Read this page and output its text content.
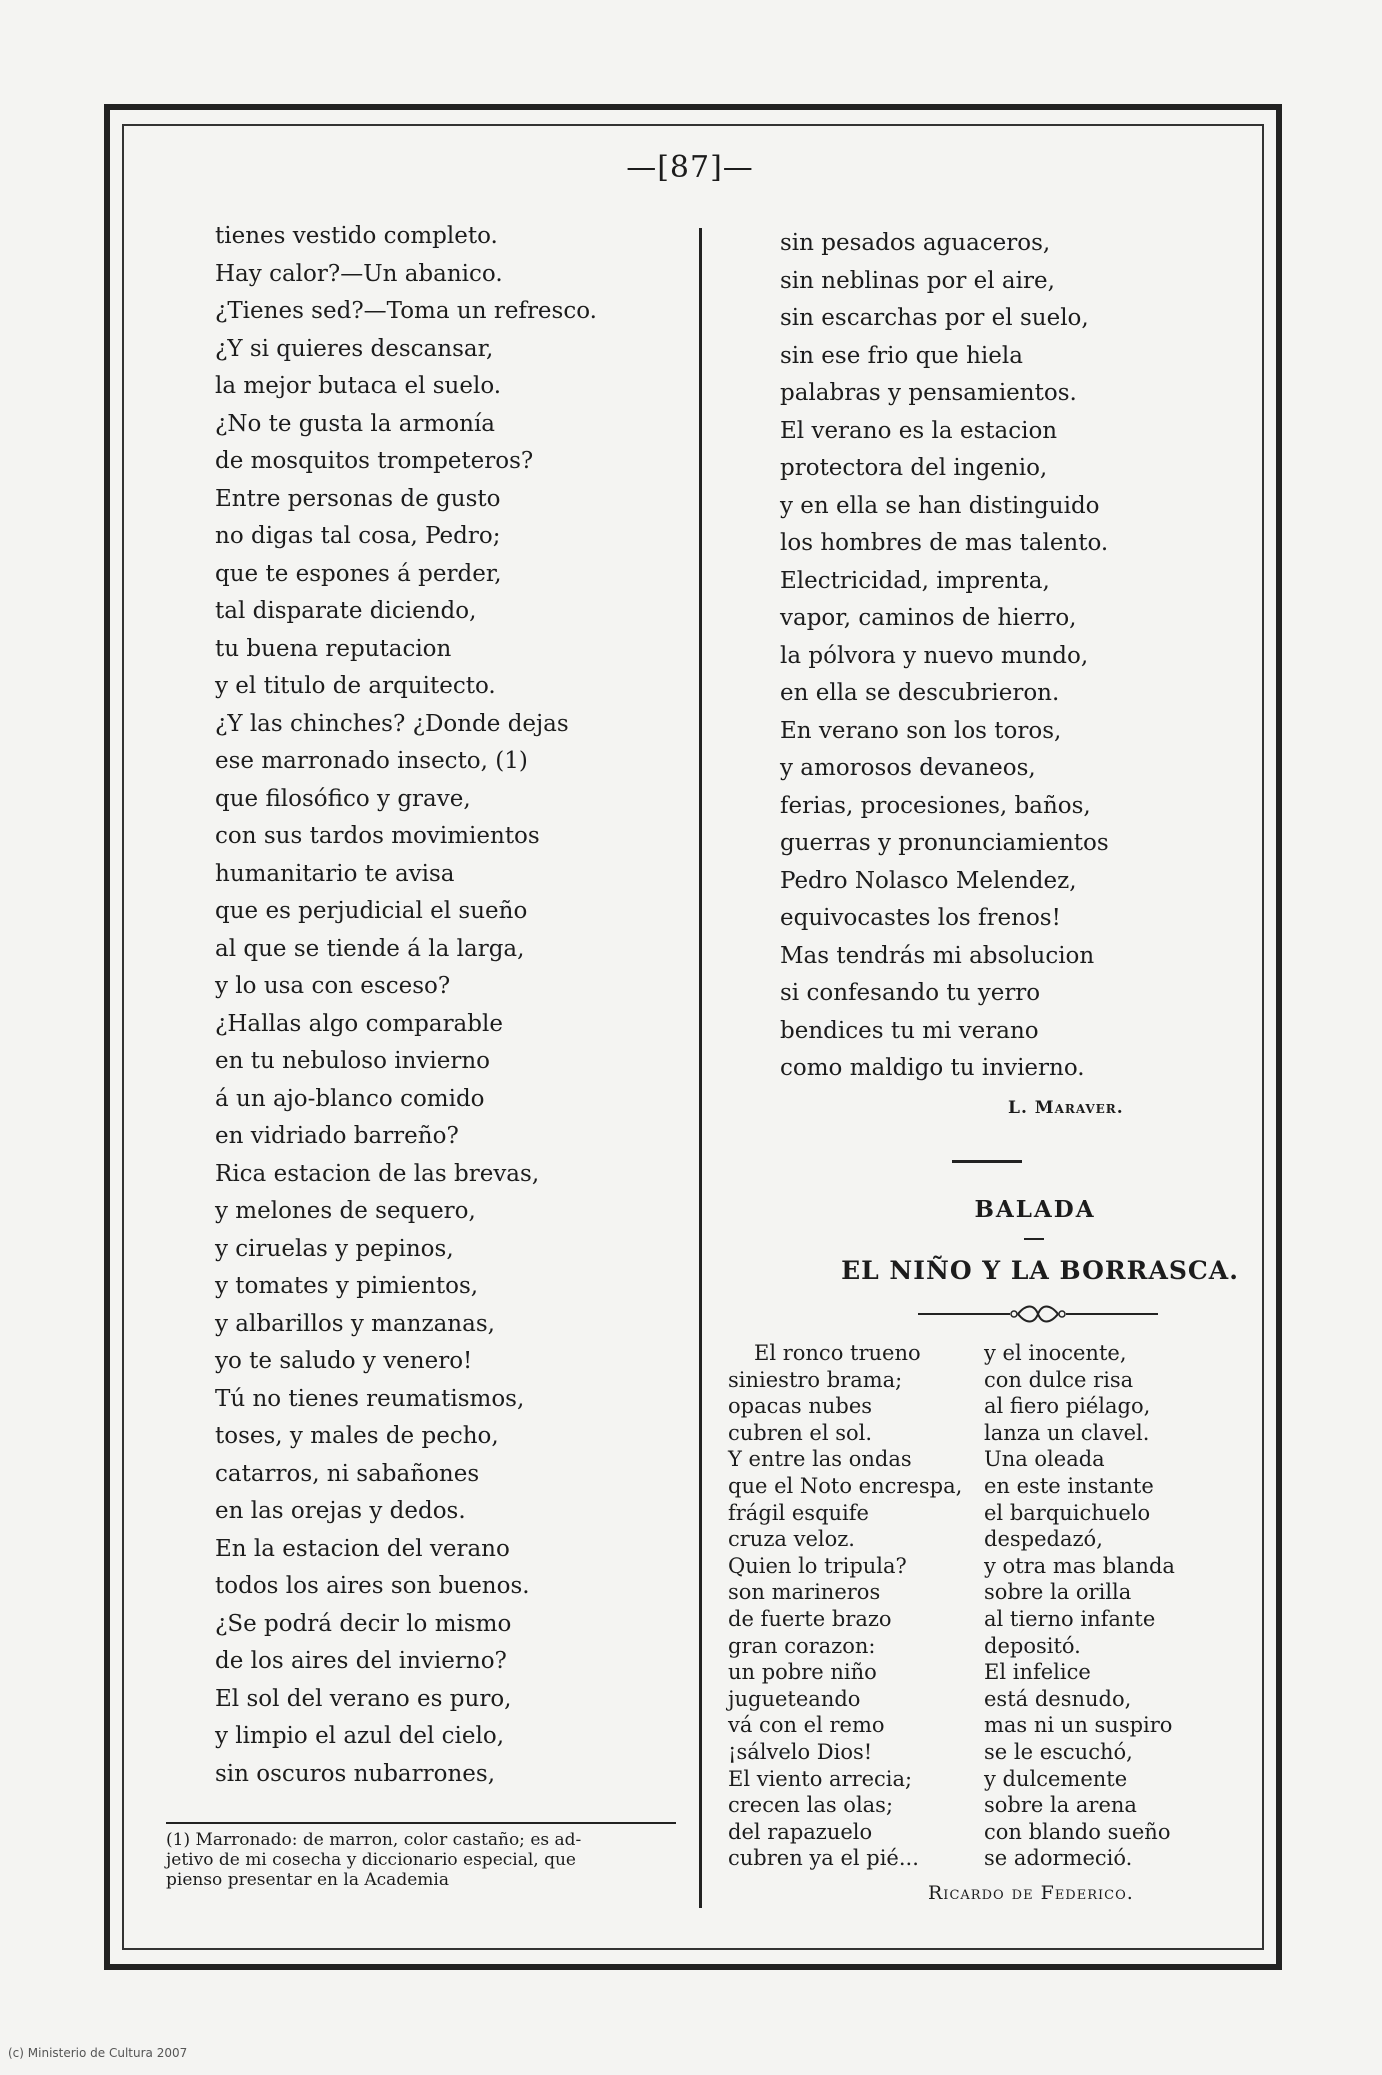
—[87]—
tienes vestido completo.
Hay calor?—Un abanico.
¿Tienes sed?—Toma un refresco.
¿Y si quieres descansar,
la mejor butaca el suelo.
¿No te gusta la armonía
de mosquitos trompeteros?
Entre personas de gusto
no digas tal cosa, Pedro;
que te espones á perder,
tal disparate diciendo,
tu buena reputacion
y el titulo de arquitecto.
¿Y las chinches? ¿Donde dejas
ese marronado insecto, (1)
que filosófico y grave,
con sus tardos movimientos
humanitario te avisa
que es perjudicial el sueño
al que se tiende á la larga,
y lo usa con esceso?
¿Hallas algo comparable
en tu nebuloso invierno
á un ajo-blanco comido
en vidriado barreño?
Rica estacion de las brevas,
y melones de sequero,
y ciruelas y pepinos,
y tomates y pimientos,
y albarillos y manzanas,
yo te saludo y venero!
Tú no tienes reumatismos,
toses, y males de pecho,
catarros, ni sabañones
en las orejas y dedos.
En la estacion del verano
todos los aires son buenos.
¿Se podrá decir lo mismo
de los aires del invierno?
El sol del verano es puro,
y limpio el azul del cielo,
sin oscuros nubarrones,
(1) Marronado: de marron, color castaño; es ad-
jetivo de mi cosecha y diccionario especial, que
pienso presentar en la Academia
sin pesados aguaceros,
sin neblinas por el aire,
sin escarchas por el suelo,
sin ese frio que hiela
palabras y pensamientos.
El verano es la estacion
protectora del ingenio,
y en ella se han distinguido
los hombres de mas talento.
Electricidad, imprenta,
vapor, caminos de hierro,
la pólvora y nuevo mundo,
en ella se descubrieron.
En verano son los toros,
y amorosos devaneos,
ferias, procesiones, baños,
guerras y pronunciamientos
Pedro Nolasco Melendez,
equivocastes los frenos!
Mas tendrás mi absolucion
si confesando tu yerro
bendices tu mi verano
como maldigo tu invierno.
L. Maraver.
BALADA
EL NIÑO Y LA BORRASCA.
El ronco trueno
siniestro brama;
opacas nubes
cubren el sol.
Y entre las ondas
que el Noto encrespa,
frágil esquife
cruza veloz.
Quien lo tripula?
son marineros
de fuerte brazo
gran corazon:
un pobre niño
jugueteando
vá con el remo
¡sálvelo Dios!
El viento arrecia;
crecen las olas;
del rapazuelo
cubren ya el pié...
y el inocente,
con dulce risa
al fiero piélago,
lanza un clavel.
Una oleada
en este instante
el barquichuelo
despedazó,
y otra mas blanda
sobre la orilla
al tierno infante
depositó.
El infelice
está desnudo,
mas ni un suspiro
se le escuchó,
y dulcemente
sobre la arena
con blando sueño
se adormeció.
Ricardo de Federico.
(c) Ministerio de Cultura 2007
